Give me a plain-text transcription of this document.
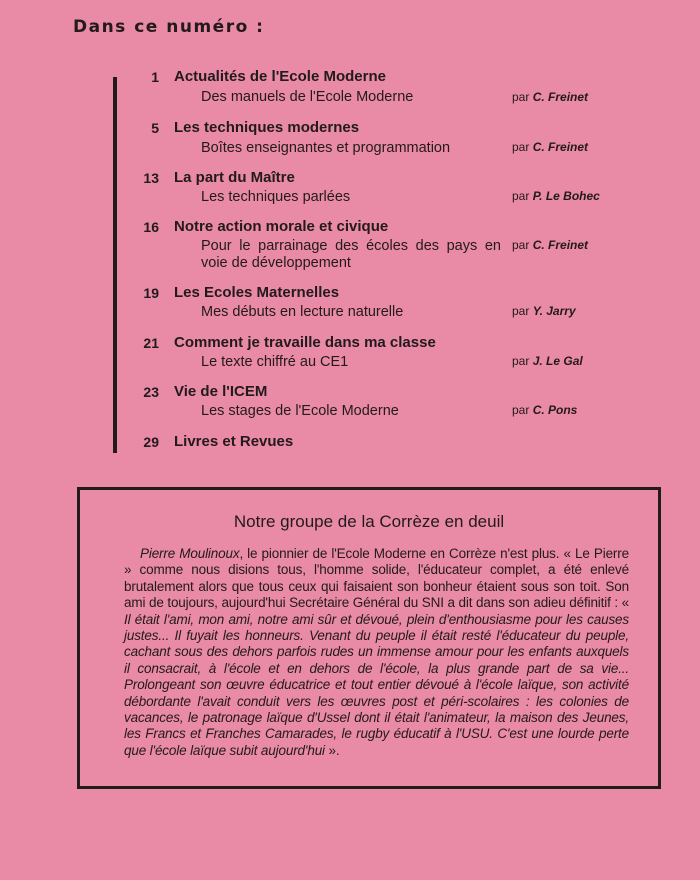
Dans ce numéro :
1 Actualités de l'Ecole Moderne
Des manuels de l'Ecole Moderne	par C. Freinet
5 Les techniques modernes
Boîtes enseignantes et programmation	par C. Freinet
13 La part du Maître
Les techniques parlées	par P. Le Bohec
16 Notre action morale et civique
Pour le parrainage des écoles des pays en voie de développement
par C. Freinet
19 Les Ecoles Maternelles
Mes débuts en lecture naturelle	par Y. Jarry
21 Comment je travaille dans ma classe
Le texte chiffré au CE1	par J. Le Gal
23 Vie de l'ICEM
Les stages de l'Ecole Moderne	par C. Pons
29 Livres et Revues
Notre groupe de la Corrèze en deuil
Pierre Moulinoux, le pionnier de l'Ecole Moderne en Corrèze n'est plus. « Le Pierre » comme nous disions tous, l'homme solide, l'éducateur complet, a été enlevé brutalement alors que tous ceux qui faisaient son bonheur étaient sous son toit. Son ami de toujours, aujourd'hui Secrétaire Général du SNI a dit dans son adieu définitif : « Il était l'ami, mon ami, notre ami sûr et dévoué, plein d'enthousiasme pour les causes justes... Il fuyait les honneurs. Venant du peuple il était resté l'éducateur du peuple, cachant sous des dehors parfois rudes un immense amour pour les enfants auxquels il consacrait, à l'école et en dehors de l'école, la plus grande part de sa vie... Prolongeant son œuvre éducatrice et tout entier dévoué à l'école laïque, son activité débordante l'avait conduit vers les œuvres post et péri-scolaires : les colonies de vacances, le patronage laïque d'Ussel dont il était l'animateur, la maison des Jeunes, les Francs et Franches Camarades, le rugby éducatif à l'USU. C'est une lourde perte que l'école laïque subit aujourd'hui ».
